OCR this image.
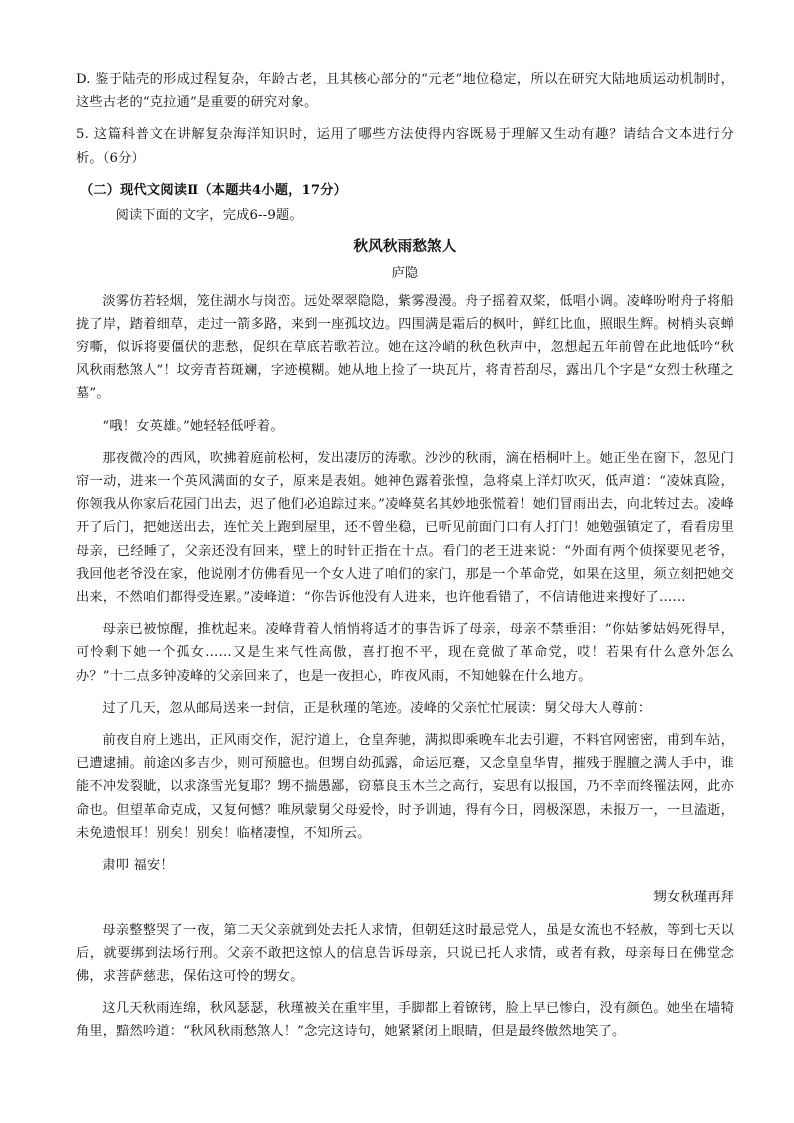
D. 鉴于陆壳的形成过程复杂，年龄古老，且其核心部分的“元老”地位稳定，所以在研究大陆地质运动机制时，这些古老的“克拉通”是重要的研究对象。

5. 这篇科普文在讲解复杂海洋知识时，运用了哪些方法使得内容既易于理解又生动有趣？请结合文本进行分析。（6分）

（二）现代文阅读Ⅱ（本题共4小题，17分）

阅读下面的文字，完成6--9题。

秋风秋雨愁煞人

庐隐

淡雾仿若轻烟，笼住湖水与岗峦。远处翠翠隐隐，紫雾漫漫。舟子摇着双桨，低唱小调。凌峰吩咐舟子将船拢了岸，踏着细草，走过一箭多路，来到一座孤坟边。四围满是霜后的枫叶，鲜红比血，照眼生辉。树梢头哀蝉穷嘶，似诉将要僵伏的悲愁，促织在草底若歌若泣。她在这冷峭的秋色秋声中，忽想起五年前曾在此地低吟“秋风秋雨愁煞人”！坟旁青苔斑斓，字迹模糊。她从地上捡了一块瓦片，将青苔刮尽，露出几个字是“女烈士秋瑾之墓”。

“哦！女英雄。”她轻轻低呼着。

那夜微冷的西风，吹拂着庭前松柯，发出凄厉的涛歌。沙沙的秋雨，滴在梧桐叶上。她正坐在窗下，忽见门帘一动，进来一个英风满面的女子，原来是表姐。她神色露着张惶，急将桌上洋灯吹灭，低声道：“凌妹真险，你领我从你家后花园门出去，迟了他们必追踪过来。”凌峰莫名其妙地张慌着！她们冒雨出去，向北转过去。凌峰开了后门，把她送出去，连忙关上跑到屋里，还不曾坐稳，已听见前面门口有人打门！她勉强镇定了，看看房里母亲，已经睡了，父亲还没有回来，壁上的时针正指在十点。看门的老王进来说：“外面有两个侦探要见老爷，我回他老爷没在家，他说刚才仿佛看见一个女人进了咱们的家门，那是一个革命党，如果在这里，须立刻把她交出来，不然咱们都得受连累。”凌峰道：“你告诉他没有人进来，也许他看错了，不信请他进来搜好了……

母亲已被惊醒，推枕起来。凌峰背着人悄悄将适才的事告诉了母亲，母亲不禁垂泪：“你姑爹姑妈死得早，可怜剩下她一个孤女……又是生来气性高傲，喜打抱不平，现在竟做了革命党，哎！若果有什么意外怎么办？”十二点多钟凌峰的父亲回来了，也是一夜担心，昨夜风雨，不知她躲在什么地方。

过了几天，忽从邮局送来一封信，正是秋瑾的笔迹。凌峰的父亲忙忙展读：舅父母大人尊前：

前夜自府上逃出，正风雨交作，泥泞道上，仓皇奔驰，满拟即乘晚车北去引避，不料官网密密，甫到车站，已遭逮捕。前途凶多吉少，则可预臆也。但甥自幼孤露，命运厄蹇，又念皇皇华胄，摧残于腥膻之满人手中，谁能不冲发裂眦，以求涤雪光复耶？甥不揣愚鄙，窃慕良玉木兰之高行，妄思有以报国，乃不幸而终罹法网，此亦命也。但望革命克成，又复何憾？唯夙蒙舅父母爱怜，时予训迪，得有今日，罔极深恩，未报万一，一旦溘逝，未免遗恨耳！别矣！别矣！临楮凄惶，不知所云。

肃叩 福安！

甥女秋瑾再拜

母亲整整哭了一夜，第二天父亲就到处去托人求情，但朝廷这时最忌党人，虽是女流也不轻赦，等到七天以后，就要绑到法场行刑。父亲不敢把这惊人的信息告诉母亲，只说已托人求情，或者有救，母亲每日在佛堂念佛，求菩萨慈悲，保佑这可怜的甥女。

这几天秋雨连绵，秋风瑟瑟，秋瑾被关在重牢里，手脚都上着镣铐，脸上早已惨白，没有颜色。她坐在墙犄角里，黯然吟道：“秋风秋雨愁煞人！”念完这诗句，她紧紧闭上眼睛，但是最终傲然地笑了。
